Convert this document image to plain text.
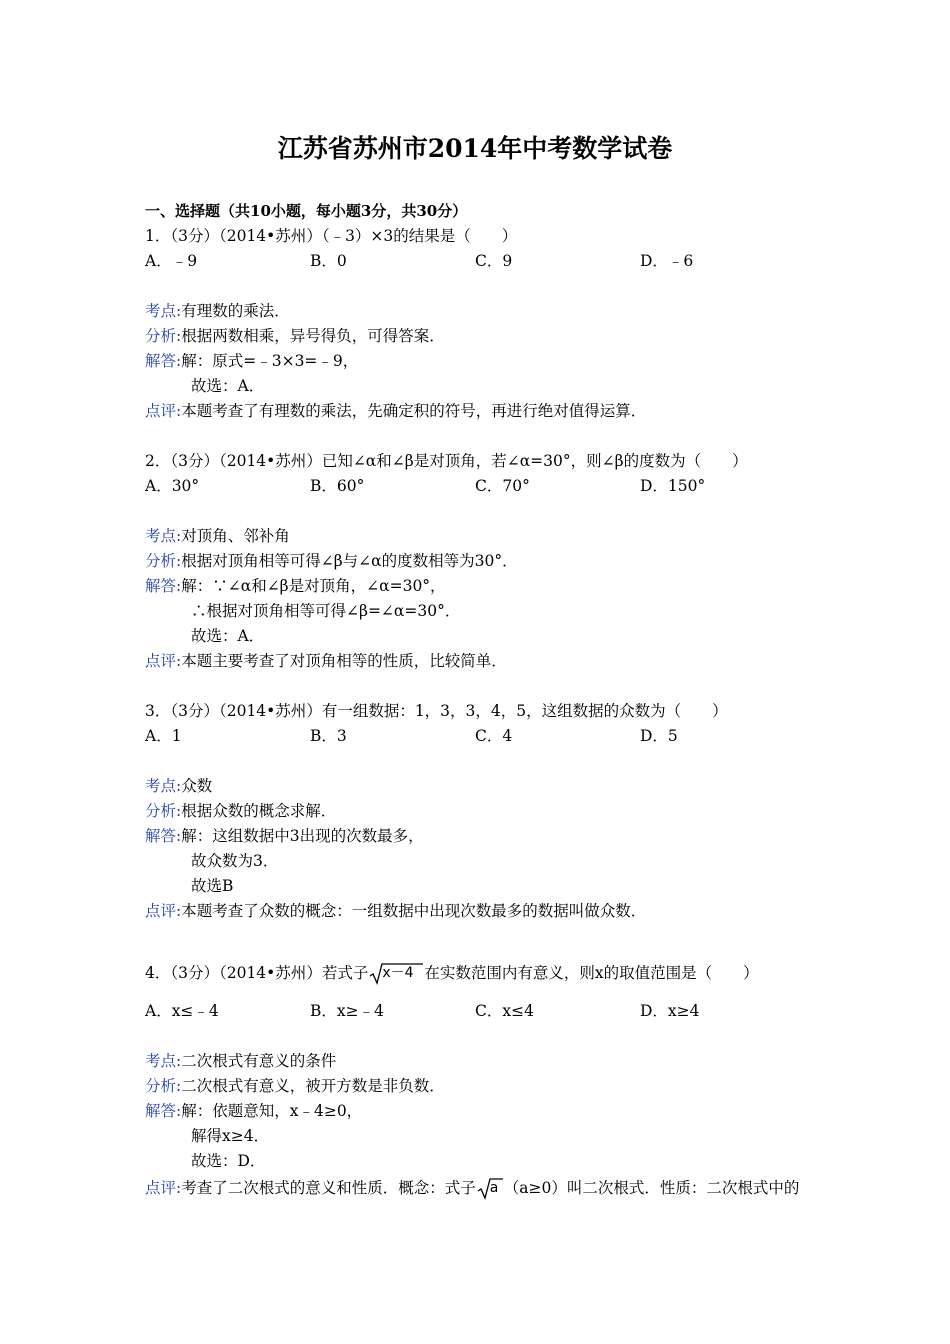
江苏省苏州市2014年中考数学试卷
一、选择题（共10小题，每小题3分，共30分）
1．（3分）（2014•苏州）（﹣3）×3的结果是（　　）
A．﹣9	B．0	C．9	D．﹣6
考点:有理数的乘法．
分析:根据两数相乘，异号得负，可得答案．
解答:解：原式=﹣3×3=﹣9，
故选：A．
点评:本题考查了有理数的乘法，先确定积的符号，再进行绝对值得运算．
2．（3分）（2014•苏州）已知∠α和∠β是对顶角，若∠α=30°，则∠β的度数为（　　）
A．30°	B．60°	C．70°	D．150°
考点:对顶角、邻补角
分析:根据对顶角相等可得∠β与∠α的度数相等为30°．
解答:解：∵∠α和∠β是对顶角，∠α=30°，
∴根据对顶角相等可得∠β=∠α=30°．
故选：A．
点评:本题主要考查了对顶角相等的性质，比较简单．
3．（3分）（2014•苏州）有一组数据：1，3，3，4，5，这组数据的众数为（　　）
A．1	B．3	C．4	D．5
考点:众数
分析:根据众数的概念求解．
解答:解：这组数据中3出现的次数最多，
故众数为3．
故选B
点评:本题考查了众数的概念：一组数据中出现次数最多的数据叫做众数．
4．（3分）（2014•苏州）若式子 x－4 在实数范围内有意义，则x的取值范围是（　　）
A．x≤﹣4	B．x≥﹣4	C．x≤4	D．x≥4
考点:二次根式有意义的条件
分析:二次根式有意义，被开方数是非负数．
解答:解：依题意知，x﹣4≥0，
解得x≥4．
故选：D．
点评:考查了二次根式的意义和性质．概念：式子 a （a≥0）叫二次根式．性质：二次根式中的
